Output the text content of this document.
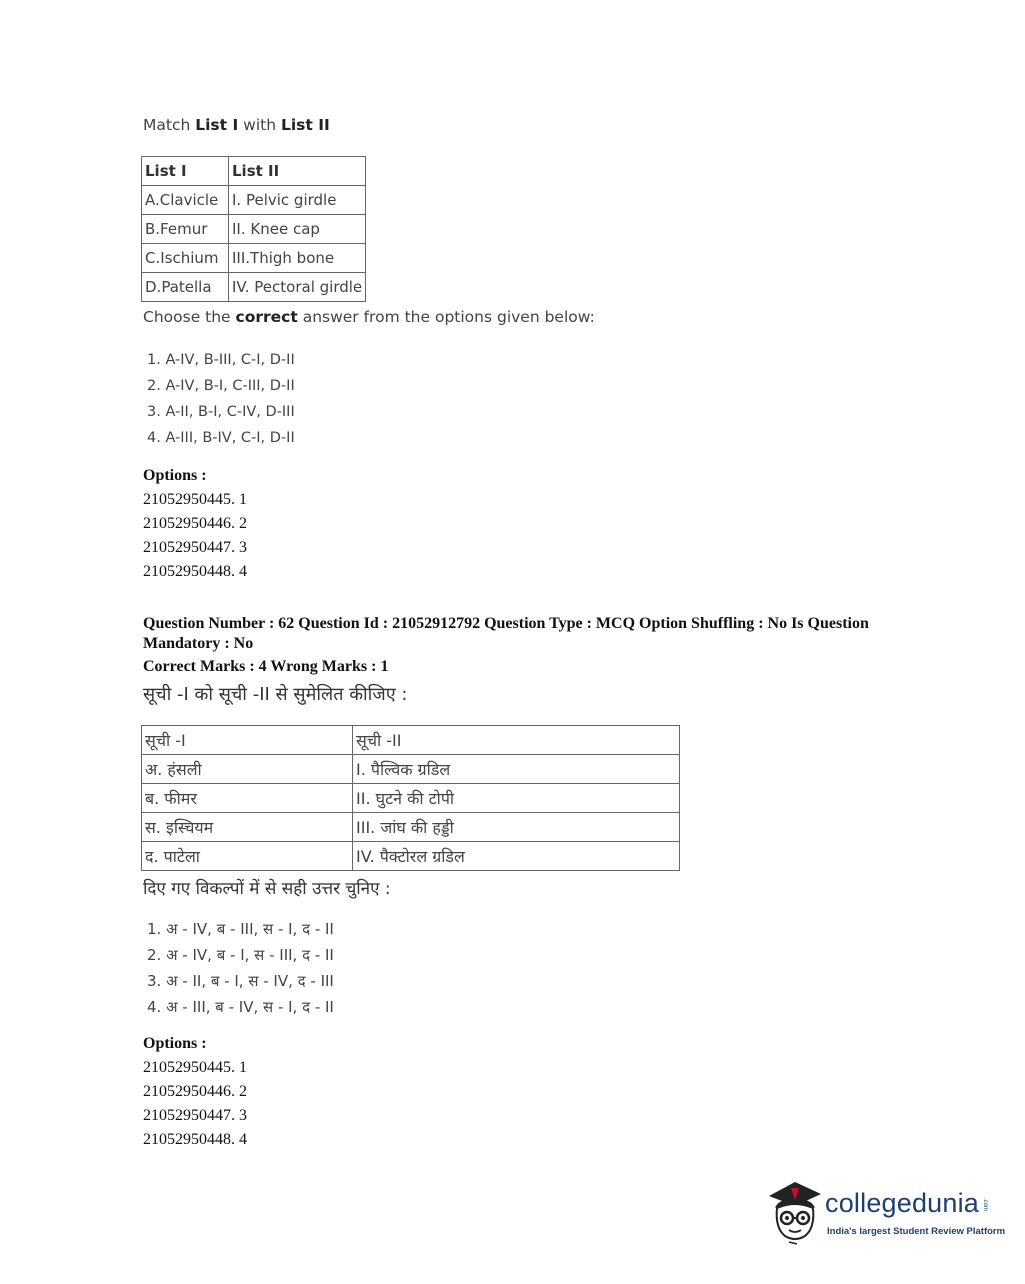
Match List I with List II
List I	List II
A.Clavicle	I. Pelvic girdle
B.Femur	II. Knee cap
C.Ischium	III.Thigh bone
D.Patella	IV. Pectoral girdle
Choose the correct answer from the options given below:
1. A-IV, B-III, C-I, D-II
2. A-IV, B-I, C-III, D-II
3. A-II, B-I, C-IV, D-III
4. A-III, B-IV, C-I, D-II
Options :
21052950445. 1
21052950446. 2
21052950447. 3
21052950448. 4
Question Number : 62 Question Id : 21052912792 Question Type : MCQ Option Shuffling : No Is Question Mandatory : No
Correct Marks : 4 Wrong Marks : 1
सूची -I को सूची -II से सुमेलित कीजिए :
सूची -I	सूची -II
अ. हंसली	I. पैल्विक ग्रडिल
ब. फीमर	II. घुटने की टोपी
स. इस्चियम	III. जांघ की हड्डी
द. पाटेला	IV. पैक्टोरल ग्रडिल
दिए गए विकल्पों में से सही उत्तर चुनिए :
1. अ - IV, ब - III, स - I, द - II
2. अ - IV, ब - I, स - III, द - II
3. अ - II, ब - I, स - IV, द - III
4. अ - III, ब - IV, स - I, द - II
Options :
21052950445. 1
21052950446. 2
21052950447. 3
21052950448. 4
collegedunia .com
India's largest Student Review Platform
